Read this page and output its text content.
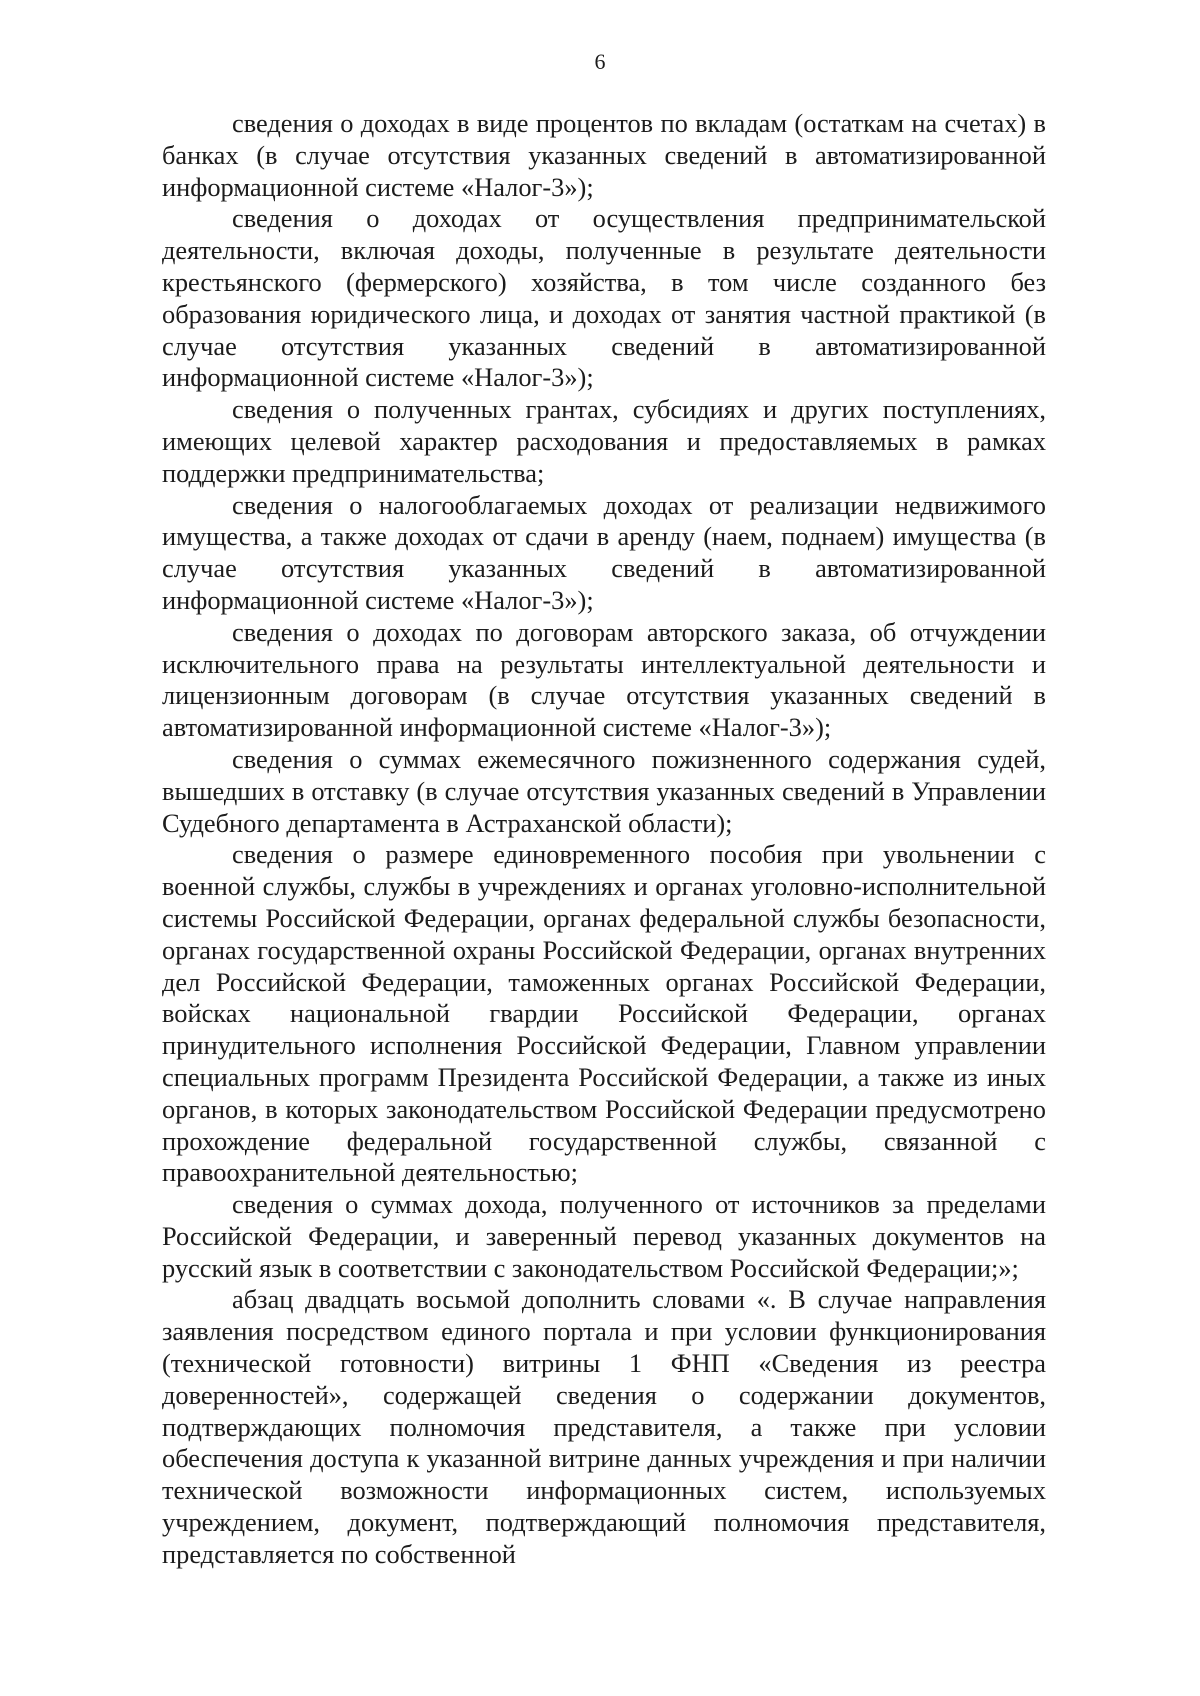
6

сведения о доходах в виде процентов по вкладам (остаткам на счетах) в банках (в случае отсутствия указанных сведений в автоматизированной информационной системе «Налог-3»);

сведения о доходах от осуществления предпринимательской деятельности, включая доходы, полученные в результате деятельности крестьянского (фермерского) хозяйства, в том числе созданного без образования юридического лица, и доходах от занятия частной практикой (в случае отсутствия указанных сведений в автоматизированной информационной системе «Налог-3»);

сведения о полученных грантах, субсидиях и других поступлениях, имеющих целевой характер расходования и предоставляемых в рамках поддержки предпринимательства;

сведения о налогооблагаемых доходах от реализации недвижимого имущества, а также доходах от сдачи в аренду (наем, поднаем) имущества (в случае отсутствия указанных сведений в автоматизированной информационной системе «Налог-3»);

сведения о доходах по договорам авторского заказа, об отчуждении исключительного права на результаты интеллектуальной деятельности и лицензионным договорам (в случае отсутствия указанных сведений в автоматизированной информационной системе «Налог-3»);

сведения о суммах ежемесячного пожизненного содержания судей, вышедших в отставку (в случае отсутствия указанных сведений в Управлении Судебного департамента в Астраханской области);

сведения о размере единовременного пособия при увольнении с военной службы, службы в учреждениях и органах уголовно-исполнительной системы Российской Федерации, органах федеральной службы безопасности, органах государственной охраны Российской Федерации, органах внутренних дел Российской Федерации, таможенных органах Российской Федерации, войсках национальной гвардии Российской Федерации, органах принудительного исполнения Российской Федерации, Главном управлении специальных программ Президента Российской Федерации, а также из иных органов, в которых законодательством Российской Федерации предусмотрено прохождение федеральной государственной службы, связанной с правоохранительной деятельностью;

сведения о суммах дохода, полученного от источников за пределами Российской Федерации, и заверенный перевод указанных документов на русский язык в соответствии с законодательством Российской Федерации;»;

абзац двадцать восьмой дополнить словами «. В случае направления заявления посредством единого портала и при условии функционирования (технической готовности) витрины 1 ФНП «Сведения из реестра доверенностей», содержащей сведения о содержании документов, подтверждающих полномочия представителя, а также при условии обеспечения доступа к указанной витрине данных учреждения и при наличии технической возможности информационных систем, используемых учреждением, документ, подтверждающий полномочия представителя, представляется по собственной
